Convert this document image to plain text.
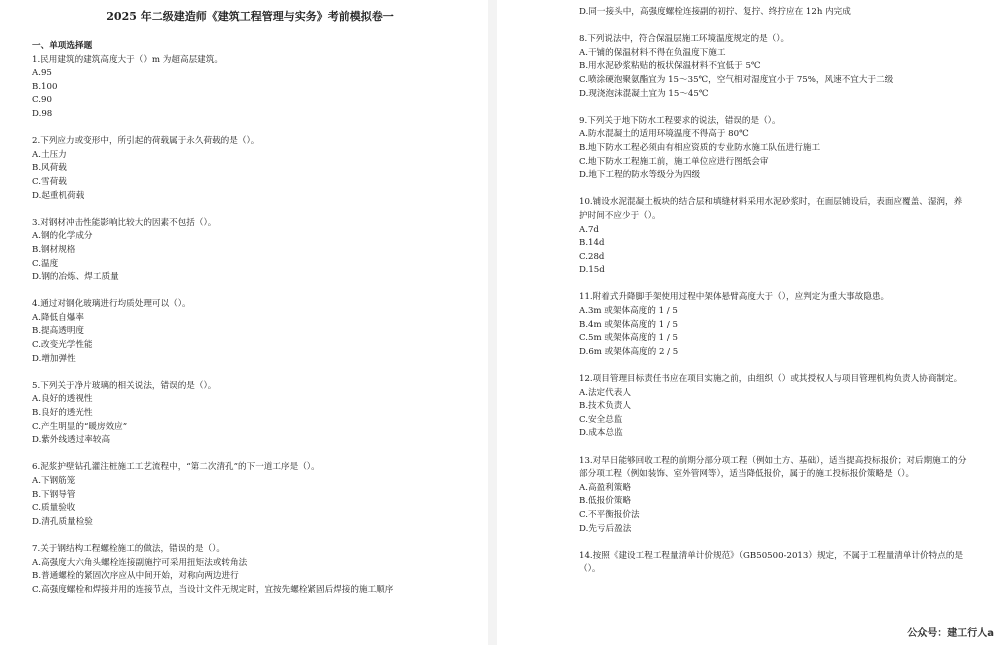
2025 年二级建造师《建筑工程管理与实务》考前模拟卷一
一、单项选择题
1.民用建筑的建筑高度大于（）m 为超高层建筑。
A.95
B.100
C.90
D.98
2.下列应力或变形中，所引起的荷载属于永久荷载的是（）。
A.土压力
B.风荷载
C.雪荷载
D.起重机荷载
3.对钢材冲击性能影响比较大的因素不包括（）。
A.钢的化学成分
B.钢材规格
C.温度
D.钢的冶炼、焊工质量
4.通过对钢化玻璃进行均质处理可以（）。
A.降低自爆率
B.提高透明度
C.改变光学性能
D.增加弹性
5.下列关于净片玻璃的相关说法，错误的是（）。
A.良好的透视性
B.良好的透光性
C.产生明显的“暖房效应”
D.紫外线透过率较高
6.泥浆护壁钻孔灌注桩施工工艺流程中，“第二次清孔”的下一道工序是（）。
A.下钢筋笼
B.下钢导管
C.质量验收
D.清孔质量检验
7.关于钢结构工程螺栓施工的做法，错误的是（）。
A.高强度大六角头螺栓连接副施拧可采用扭矩法或转角法
B.普通螺栓的紧固次序应从中间开始，对称向两边进行
C.高强度螺栓和焊接并用的连接节点，当设计文件无规定时，宜按先螺栓紧固后焊接的施工顺序
D.同一接头中，高强度螺栓连接副的初拧、复拧、终拧应在 12h 内完成
8.下列说法中，符合保温层施工环境温度规定的是（）。
A.干铺的保温材料不得在负温度下施工
B.用水泥砂浆粘贴的板状保温材料不宜低于 5℃
C.喷涂硬泡聚氨酯宜为 15～35℃，空气相对湿度宜小于 75%，风速不宜大于二级
D.现浇泡沫混凝土宜为 15～45℃
9.下列关于地下防水工程要求的说法，错误的是（）。
A.防水混凝土的适用环境温度不得高于 80℃
B.地下防水工程必须由有相应资质的专业防水施工队伍进行施工
C.地下防水工程施工前，施工单位应进行图纸会审
D.地下工程的防水等级分为四级
10.铺设水泥混凝土板块的结合层和填缝材料采用水泥砂浆时，在面层铺设后，表面应覆盖、湿润，养护时间不应少于（）。
A.7d
B.14d
C.28d
D.15d
11.附着式升降脚手架使用过程中架体悬臂高度大于（），应判定为重大事故隐患。
A.3m 或架体高度的 1 / 5
B.4m 或架体高度的 1 / 5
C.5m 或架体高度的 1 / 5
D.6m 或架体高度的 2 / 5
12.项目管理目标责任书应在项目实施之前，由组织（）或其授权人与项目管理机构负责人协商制定。
A.法定代表人
B.技术负责人
C.安全总监
D.成本总监
13.对早日能够回收工程的前期分部分项工程（例如土方、基础），适当提高投标报价；对后期施工的分部分项工程（例如装饰、室外管网等），适当降低报价，属于的施工投标报价策略是（）。
A.高盈利策略
B.低报价策略
C.不平衡报价法
D.先亏后盈法
14.按照《建设工程工程量清单计价规范》（GB50500-2013）规定，不属于工程量清单计价特点的是（）。
公众号：建工行人a
